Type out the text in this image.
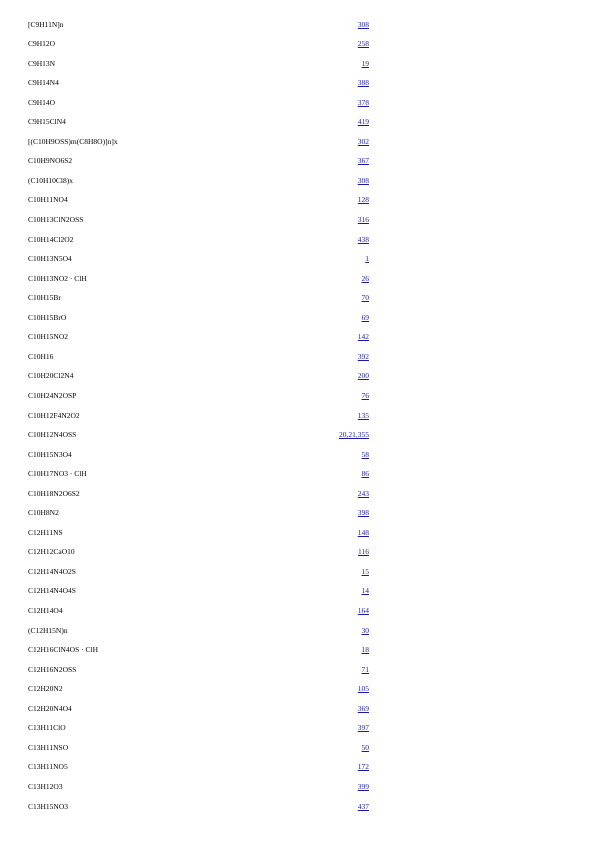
[C9H11N]n	308
C9H12O	258
C9H13N	19
C9H14N4	388
C9H14O	378
C9H15ClN4	419
[(C10H9OSS)m(C8H8O)]n]x	302
C10H9NO6S2	367
(C10H10Cl8)x	308
C10H11NO4	128
C10H13ClN2OSS	316
C10H14Cl2O2	438
C10H13N5O4	1
C10H13NO2 · ClH	26
C10H15Br	70
C10H15BrO	69
C10H15NO2	142
C10H16	392
C10H20Cl2N4	200
C10H24N2OSP	76
C10H12F4N2O2	135
C10H12N4OSS	20,21,355
C10H15N3O4	58
C10H17NO3 · ClH	86
C10H18N2O6S2	243
C10H8N2	398
C12H11NS	148
C12H12CaO10	116
C12H14N4O2S	15
C12H14N4O4S	14
C12H14O4	164
(C12H15N)n	30
C12H16ClN4OS · ClH	18
C12H16N2OSS	71
C12H20N2	105
C12H20N4O4	369
C13H11ClO	397
C13H11NSO	50
C13H11NO5	172
C13H12O3	399
C13H15NO3	437
